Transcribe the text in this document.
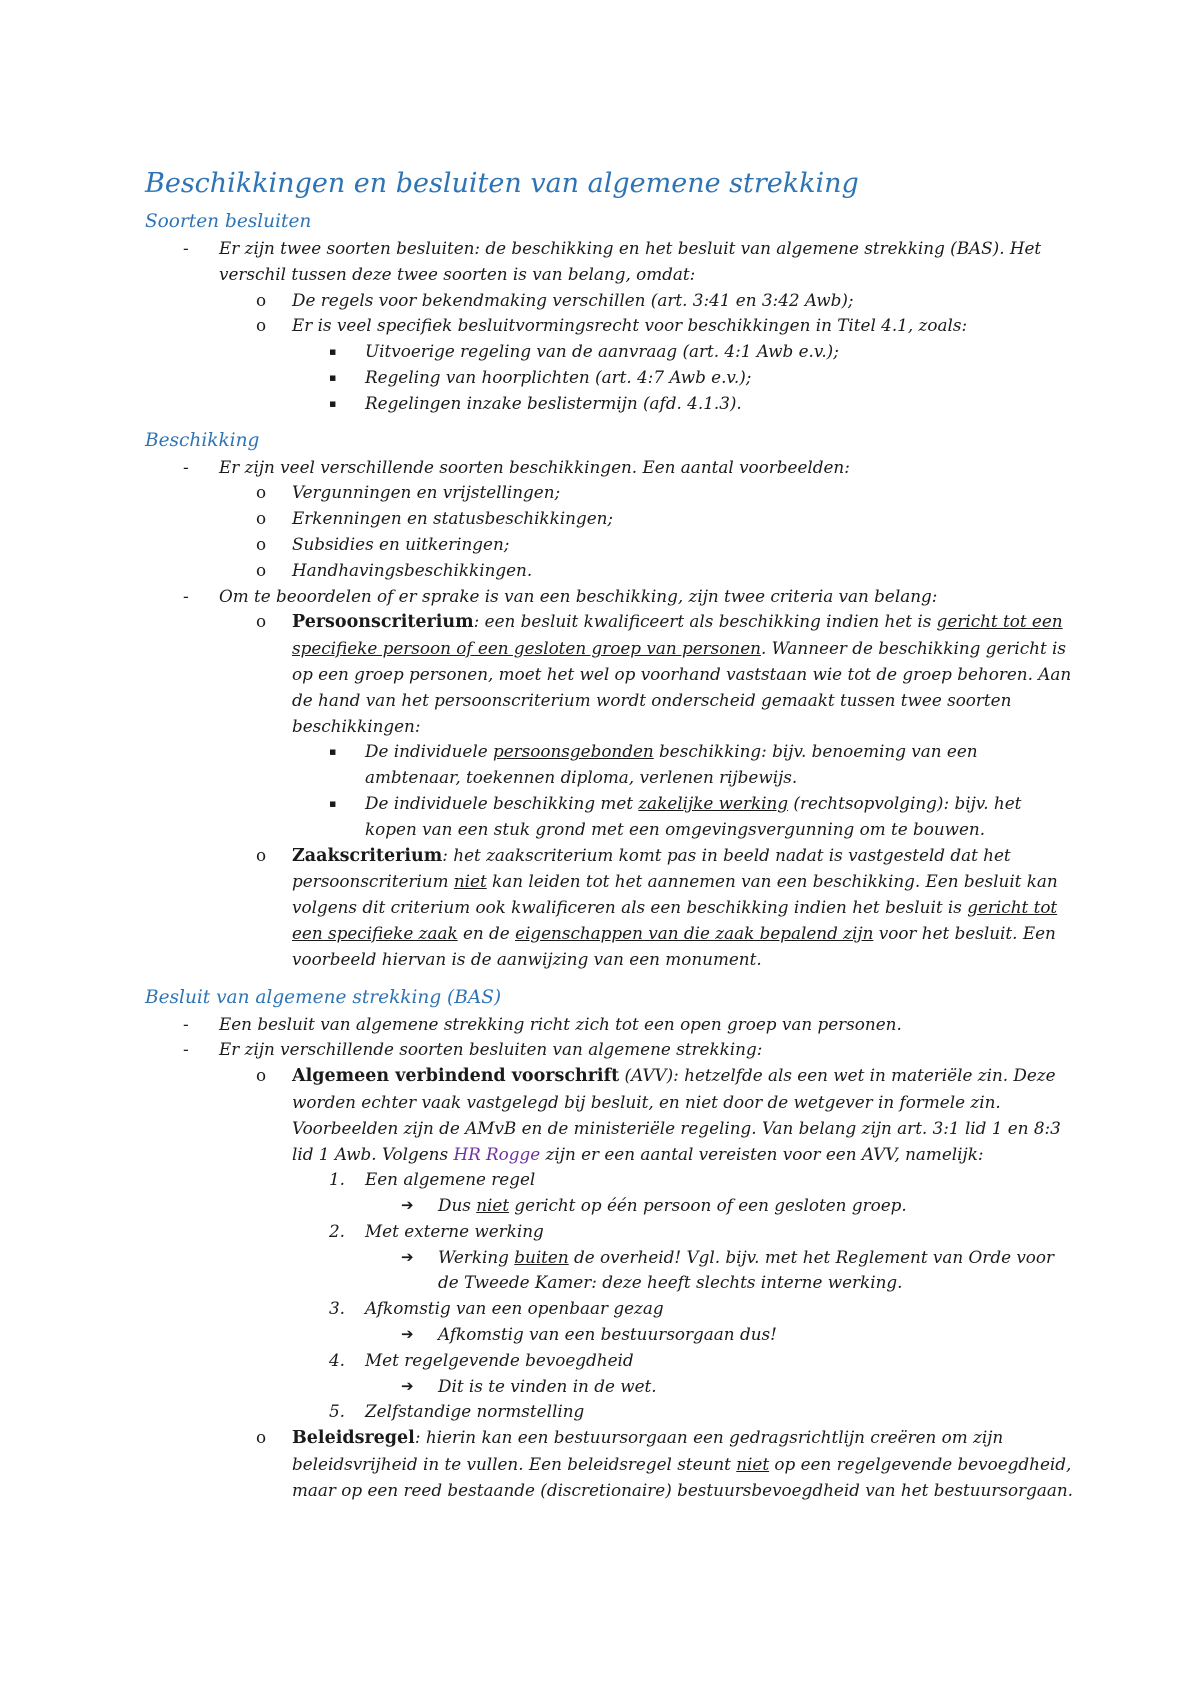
Beschikkingen en besluiten van algemene strekking
Soorten besluiten
- Er zijn twee soorten besluiten: de beschikking en het besluit van algemene strekking (BAS). Het verschil tussen deze twee soorten is van belang, omdat:
o De regels voor bekendmaking verschillen (art. 3:41 en 3:42 Awb);
o Er is veel specifiek besluitvormingsrecht voor beschikkingen in Titel 4.1, zoals:
▪ Uitvoerige regeling van de aanvraag (art. 4:1 Awb e.v.);
▪ Regeling van hoorplichten (art. 4:7 Awb e.v.);
▪ Regelingen inzake beslistermijn (afd. 4.1.3).
Beschikking
- Er zijn veel verschillende soorten beschikkingen. Een aantal voorbeelden:
o Vergunningen en vrijstellingen;
o Erkenningen en statusbeschikkingen;
o Subsidies en uitkeringen;
o Handhavingsbeschikkingen.
- Om te beoordelen of er sprake is van een beschikking, zijn twee criteria van belang:
o Persoonscriterium: een besluit kwalificeert als beschikking indien het is gericht tot een specifieke persoon of een gesloten groep van personen. Wanneer de beschikking gericht is op een groep personen, moet het wel op voorhand vaststaan wie tot de groep behoren. Aan de hand van het persoonscriterium wordt onderscheid gemaakt tussen twee soorten beschikkingen:
▪ De individuele persoonsgebonden beschikking: bijv. benoeming van een ambtenaar, toekennen diploma, verlenen rijbewijs.
▪ De individuele beschikking met zakelijke werking (rechtsopvolging): bijv. het kopen van een stuk grond met een omgevingsvergunning om te bouwen.
o Zaakscriterium: het zaakscriterium komt pas in beeld nadat is vastgesteld dat het persoonscriterium niet kan leiden tot het aannemen van een beschikking. Een besluit kan volgens dit criterium ook kwalificeren als een beschikking indien het besluit is gericht tot een specifieke zaak en de eigenschappen van die zaak bepalend zijn voor het besluit. Een voorbeeld hiervan is de aanwijzing van een monument.
Besluit van algemene strekking (BAS)
- Een besluit van algemene strekking richt zich tot een open groep van personen.
- Er zijn verschillende soorten besluiten van algemene strekking:
o Algemeen verbindend voorschrift (AVV): hetzelfde als een wet in materiële zin. Deze worden echter vaak vastgelegd bij besluit, en niet door de wetgever in formele zin. Voorbeelden zijn de AMvB en de ministeriële regeling. Van belang zijn art. 3:1 lid 1 en 8:3 lid 1 Awb. Volgens HR Rogge zijn er een aantal vereisten voor een AVV, namelijk:
1. Een algemene regel
➔ Dus niet gericht op één persoon of een gesloten groep.
2. Met externe werking
➔ Werking buiten de overheid! Vgl. bijv. met het Reglement van Orde voor de Tweede Kamer: deze heeft slechts interne werking.
3. Afkomstig van een openbaar gezag
➔ Afkomstig van een bestuursorgaan dus!
4. Met regelgevende bevoegdheid
➔ Dit is te vinden in de wet.
5. Zelfstandige normstelling
o Beleidsregel: hierin kan een bestuursorgaan een gedragsrichtlijn creëren om zijn beleidsvrijheid in te vullen. Een beleidsregel steunt niet op een regelgevende bevoegdheid, maar op een reed bestaande (discretionaire) bestuursbevoegdheid van het bestuursorgaan.
